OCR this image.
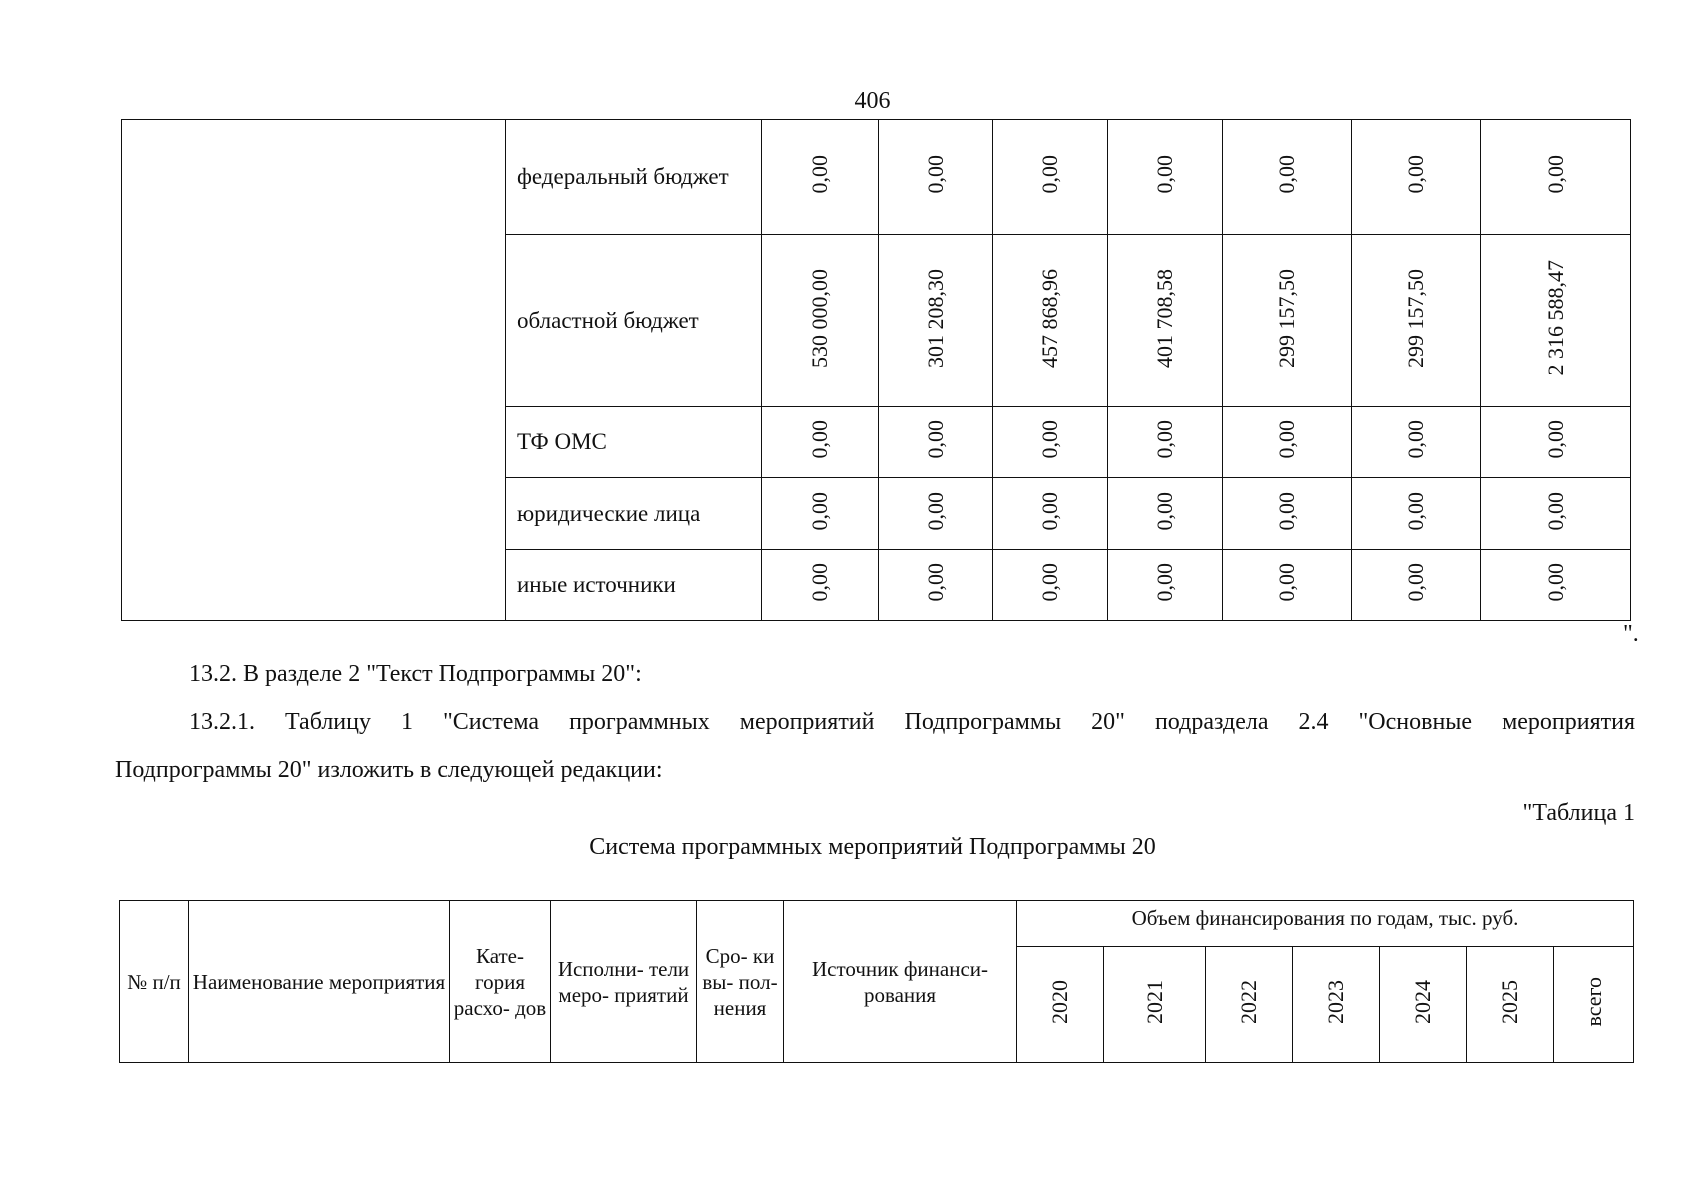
406
	федеральный бюджет	0,00	0,00	0,00	0,00	0,00	0,00	0,00
	областной бюджет	530 000,00	301 208,30	457 868,96	401 708,58	299 157,50	299 157,50	2 316 588,47
	ТФ ОМС	0,00	0,00	0,00	0,00	0,00	0,00	0,00
	юридические лица	0,00	0,00	0,00	0,00	0,00	0,00	0,00
	иные источники	0,00	0,00	0,00	0,00	0,00	0,00	0,00
".
13.2. В разделе 2 "Текст Подпрограммы 20":
13.2.1. Таблицу 1 "Система программных мероприятий Подпрограммы 20" подраздела 2.4 "Основные мероприятия
Подпрограммы 20" изложить в следующей редакции:
"Таблица 1
Система программных мероприятий Подпрограммы 20
№ п/п	Наименование мероприятия	Кате- гория расхо- дов	Исполни- тели меро- приятий	Сро- ки вы- пол- нения	Источник финанси- рования	Объем финансирования по годам, тыс. руб.						
						2020	2021	2022	2023	2024	2025	всего
